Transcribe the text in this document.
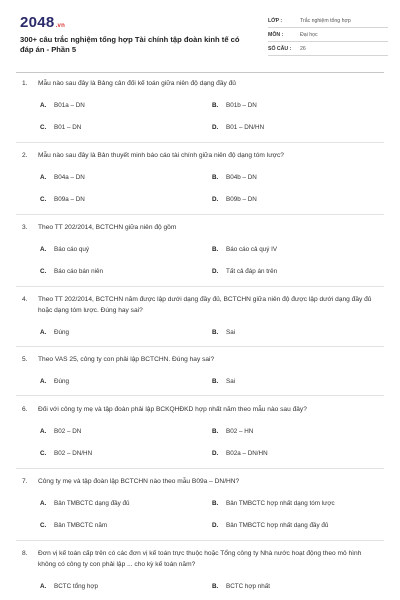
2048.vn
300+ câu trắc nghiệm tổng hợp Tài chính tập đoàn kinh tế có đáp án - Phần 5
LỚP :	Trắc nghiệm tổng hợp
MÔN :	Đại học
SỐ CÂU :	26
1.	Mẫu nào sau đây là Bảng cân đối kế toán giữa niên độ dạng đầy đủ
A.	B01a – DN	B.	B01b – DN
C.	B01 – DN	D.	B01 – DN/HN
2.	Mẫu nào sau đây là Bản thuyết minh báo cáo tài chính giữa niên độ dạng tóm lược?
A.	B04a – DN	B.	B04b – DN
C.	B09a – DN	D.	B09b – DN
3.	Theo TT 202/2014, BCTCHN giữa niên độ gồm
A.	Báo cáo quý	B.	Báo cáo cả quý IV
C.	Báo cáo bán niên	D.	Tất cả đáp án trên
4.	Theo TT 202/2014, BCTCHN năm được lập dưới dạng đầy đủ, BCTCHN giữa niên độ được lập dưới dạng đầy đủ hoặc dạng tóm lược. Đúng hay sai?
A.	Đúng	B.	Sai
5.	Theo VAS 25, công ty con phải lập BCTCHN. Đúng hay sai?
A.	Đúng	B.	Sai
6.	Đối với công ty mẹ và tập đoàn phải lập BCKQHĐKD hợp nhất năm theo mẫu nào sau đây?
A.	B02 – DN	B.	B02 – HN
C.	B02 – DN/HN	D.	B02a – DN/HN
7.	Công ty mẹ và tập đoàn lập BCTCHN nào theo mẫu B09a – DN/HN?
A.	Bản TMBCTC dạng đầy đủ	B.	Bản TMBCTC hợp nhất dạng tóm lược
C.	Bản TMBCTC năm	D.	Bản TMBCTC hợp nhất dạng đầy đủ
8.	Đơn vị kế toán cấp trên có các đơn vị kế toán trực thuộc hoặc Tổng công ty Nhà nước hoạt động theo mô hình không có công ty con phải lập ... cho kỳ kế toán năm?
A.	BCTC tổng hợp	B.	BCTC hợp nhất
